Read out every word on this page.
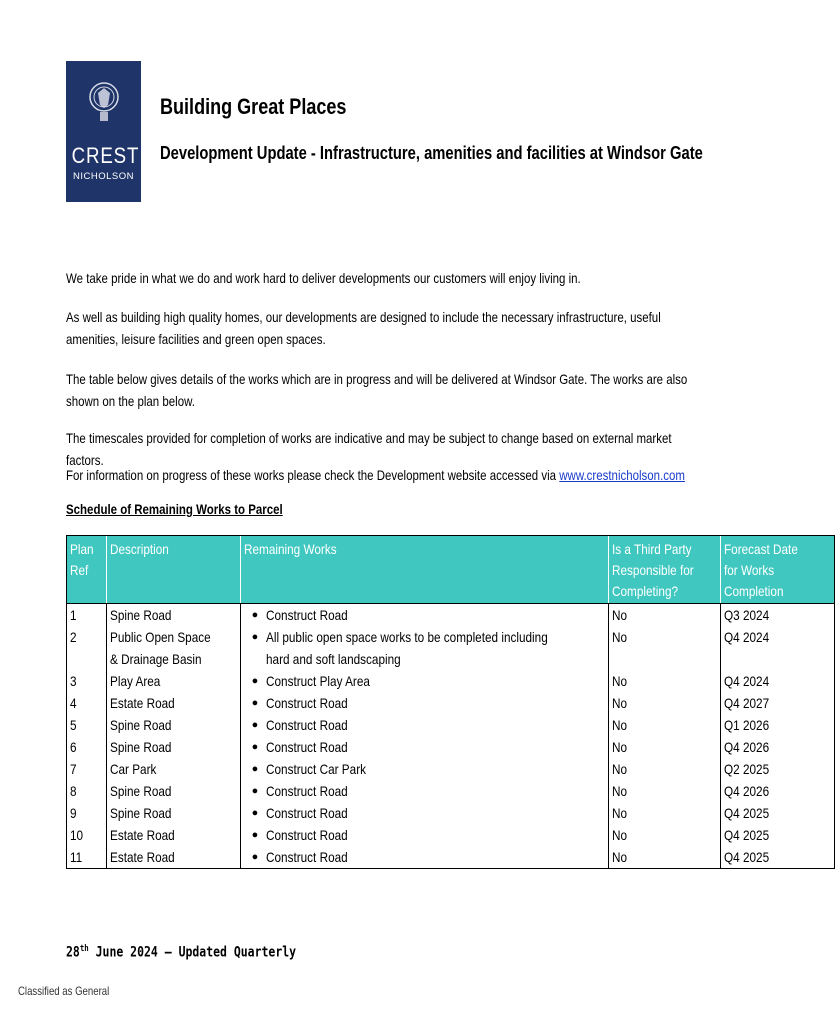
CREST
NICHOLSON
Building Great Places
Development Update - Infrastructure, amenities and facilities at Windsor Gate
We take pride in what we do and work hard to deliver developments our customers will enjoy living in.
As well as building high quality homes, our developments are designed to include the necessary infrastructure, useful amenities, leisure facilities and green open spaces.
The table below gives details of the works which are in progress and will be delivered at Windsor Gate. The works are also shown on the plan below.
The timescales provided for completion of works are indicative and may be subject to change based on external market factors.
For information on progress of these works please check the Development website accessed via www.crestnicholson.com
Schedule of Remaining Works to Parcel
Plan Ref	Description	Remaining Works	Is a Third Party Responsible for Completing?	Forecast Date for Works Completion
1	Spine Road	● Construct Road	No	Q3 2024
2	Public Open Space & Drainage Basin	● All public open space works to be completed including hard and soft landscaping	No	Q4 2024
3	Play Area	● Construct Play Area	No	Q4 2024
4	Estate Road	● Construct Road	No	Q4 2027
5	Spine Road	● Construct Road	No	Q1 2026
6	Spine Road	● Construct Road	No	Q4 2026
7	Car Park	● Construct Car Park	No	Q2 2025
8	Spine Road	● Construct Road	No	Q4 2026
9	Spine Road	● Construct Road	No	Q4 2025
10	Estate Road	● Construct Road	No	Q4 2025
11	Estate Road	● Construct Road	No	Q4 2025
28th June 2024 – Updated Quarterly
Classified as General
